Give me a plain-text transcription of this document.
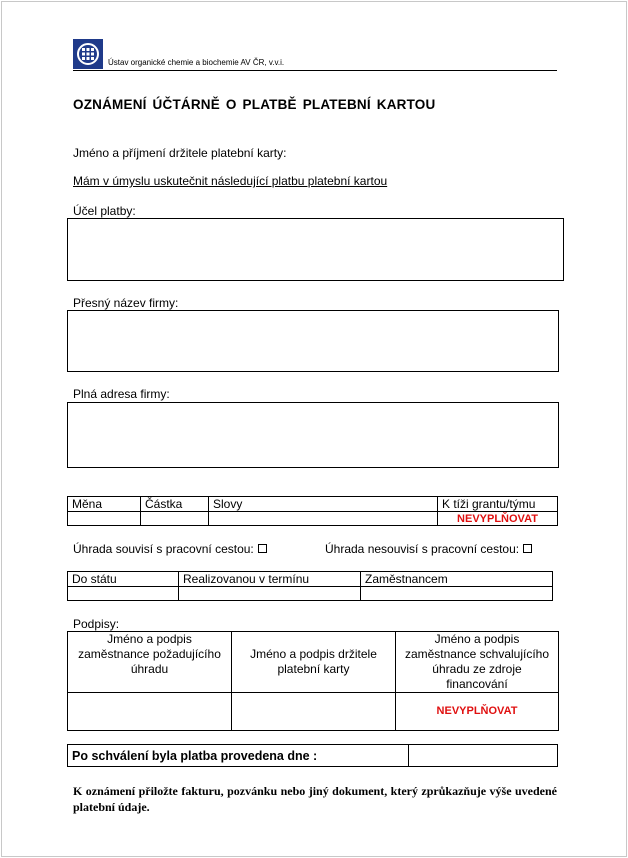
Ústav organické chemie a biochemie AV ČR, v.v.i.
OZNÁMENÍ ÚČTÁRNĚ O PLATBĚ PLATEBNÍ KARTOU
Jméno a příjmení držitele platební karty:
Mám v úmyslu uskutečnit následující platbu platební kartou
Účel platby:
Přesný název firmy:
Plná adresa firmy:
Měna	Částka	Slovy	K tíži grantu/týmu
			NEVYPLŇOVAT
Úhrada souvisí s pracovní cestou:	Úhrada nesouvisí s pracovní cestou:
Do státu	Realizovanou v termínu	Zaměstnancem

Podpisy:
Jméno a podpis zaměstnance požadujícího úhradu	Jméno a podpis držitele platební karty	Jméno a podpis zaměstnance schvalujícího úhradu ze zdroje financování
		NEVYPLŇOVAT
Po schválení byla platba provedena dne :	
K oznámení přiložte fakturu, pozvánku nebo jiný dokument, který zprůkazňuje výše uvedené platební údaje.
